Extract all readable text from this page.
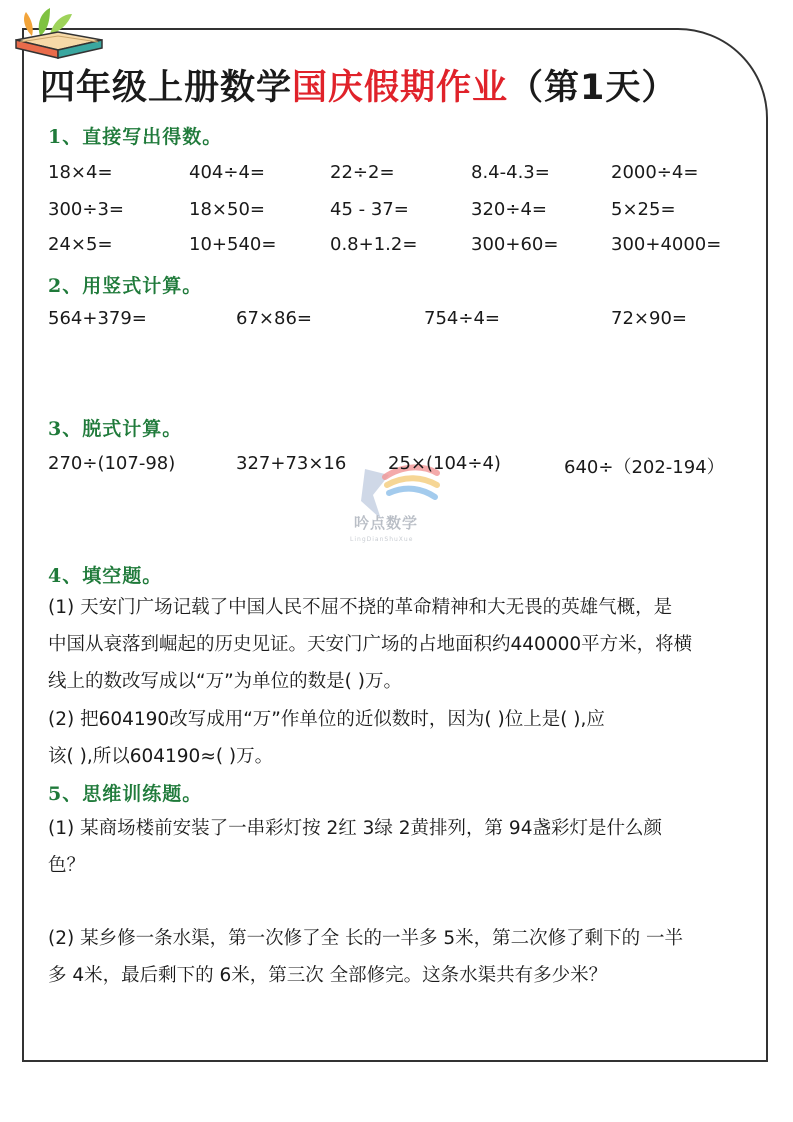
四年级上册数学国庆假期作业（第1天）
1、直接写出得数。
18×4=	404÷4=	22÷2=	8.4-4.3=	2000÷4=
300÷3=	18×50=	45 - 37=	320÷4=	5×25=
24×5=	10+540=	0.8+1.2=	300+60=	300+4000=
2、用竖式计算。
564+379=	67×86=	754÷4=	72×90=
3、脱式计算。
吟点数学
LingDianShuXue
270÷(107-98)	327+73×16 25×(104÷4)	640÷（202-194）
4、填空题。

(1) 天安门广场记载了中国人民不屈不挠的革命精神和大无畏的英雄气概，是

中国从衰落到崛起的历史见证。天安门广场的占地面积约440000平方米，将横

线上的数改写成以“万”为单位的数是( )万。

(2) 把604190改写成用“万”作单位的近似数时，因为( )位上是( ),应

该( ),所以604190≈( )万。

5、思维训练题。

(1) 某商场楼前安装了一串彩灯按 2红 3绿 2黄排列，第 94盏彩灯是什么颜

色？

(2) 某乡修一条水渠，第一次修了全 长的一半多 5米，第二次修了剩下的 一半

多 4米，最后剩下的 6米，第三次 全部修完。这条水渠共有多少米？
